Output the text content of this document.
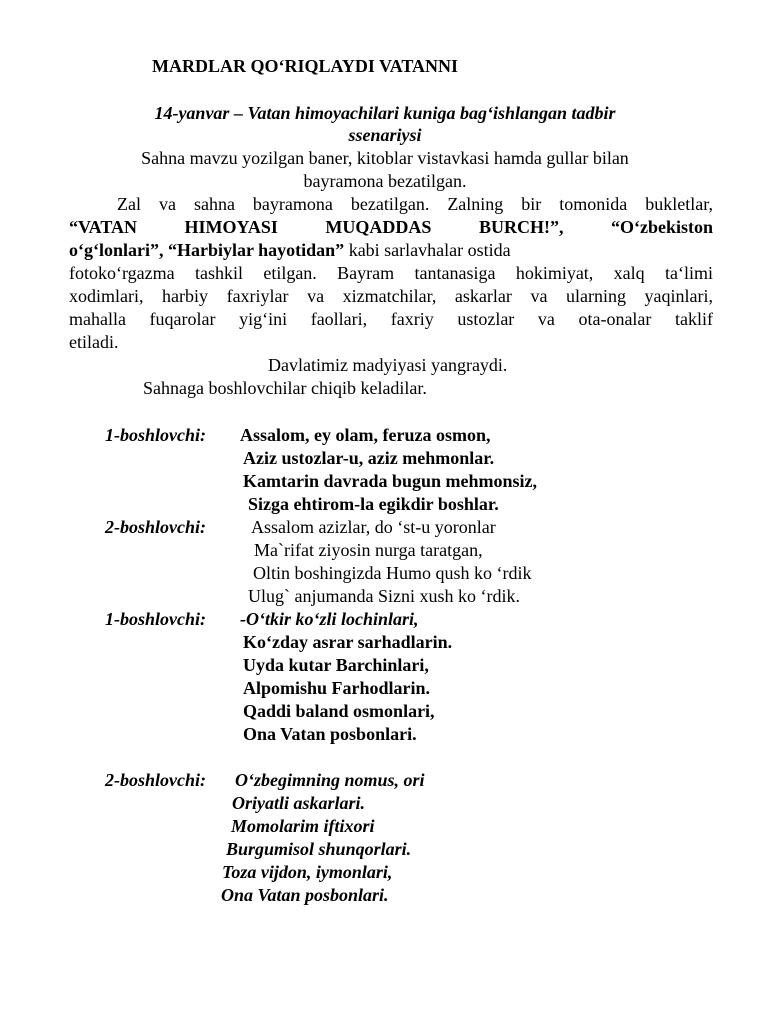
MARDLAR QO‘RIQLAYDI VATANNI
14-yanvar – Vatan himoyachilari kuniga bag‘ishlangan tadbir
ssenariysi
Sahna mavzu yozilgan baner, kitoblar vistavkasi hamda gullar bilan
bayramona bezatilgan.
Zal va sahna bayramona bezatilgan. Zalning bir tomonida bukletlar,
“VATAN HIMOYASI MUQADDAS BURCH!”, “O‘zbekiston
o‘g‘lonlari”, “Harbiylar hayotidan” kabi sarlavhalar ostida
fotoko‘rgazma tashkil etilgan. Bayram tantanasiga hokimiyat, xalq ta‘limi
xodimlari, harbiy faxriylar va xizmatchilar, askarlar va ularning yaqinlari,
mahalla fuqarolar yig‘ini faollari, faxriy ustozlar va ota-onalar taklif
etiladi.
Davlatimiz madyiyasi yangraydi.
Sahnaga boshlovchilar chiqib keladilar.
1-boshlovchi: Assalom, ey olam, feruza osmon,
Aziz ustozlar-u, aziz mehmonlar.
Kamtarin davrada bugun mehmonsiz,
Sizga ehtirom-la egikdir boshlar.
2-boshlovchi:	Assalom azizlar, do ‘st-u yoronlar
Ma`rifat ziyosin nurga taratgan,
Oltin boshingizda Humo qush ko ‘rdik
Ulug` anjumanda Sizni xush ko ‘rdik.
1-boshlovchi: -O‘tkir ko‘zli lochinlari,
Ko‘zday asrar sarhadlarin.
Uyda kutar Barchinlari,
Alpomishu Farhodlarin.
Qaddi baland osmonlari,
Ona Vatan posbonlari.
2-boshlovchi: O‘zbegimning nomus, ori
Oriyatli askarlari.
Momolarim iftixori
Burgumisol shunqorlari.
Toza vijdon, iymonlari,
Ona Vatan posbonlari.
